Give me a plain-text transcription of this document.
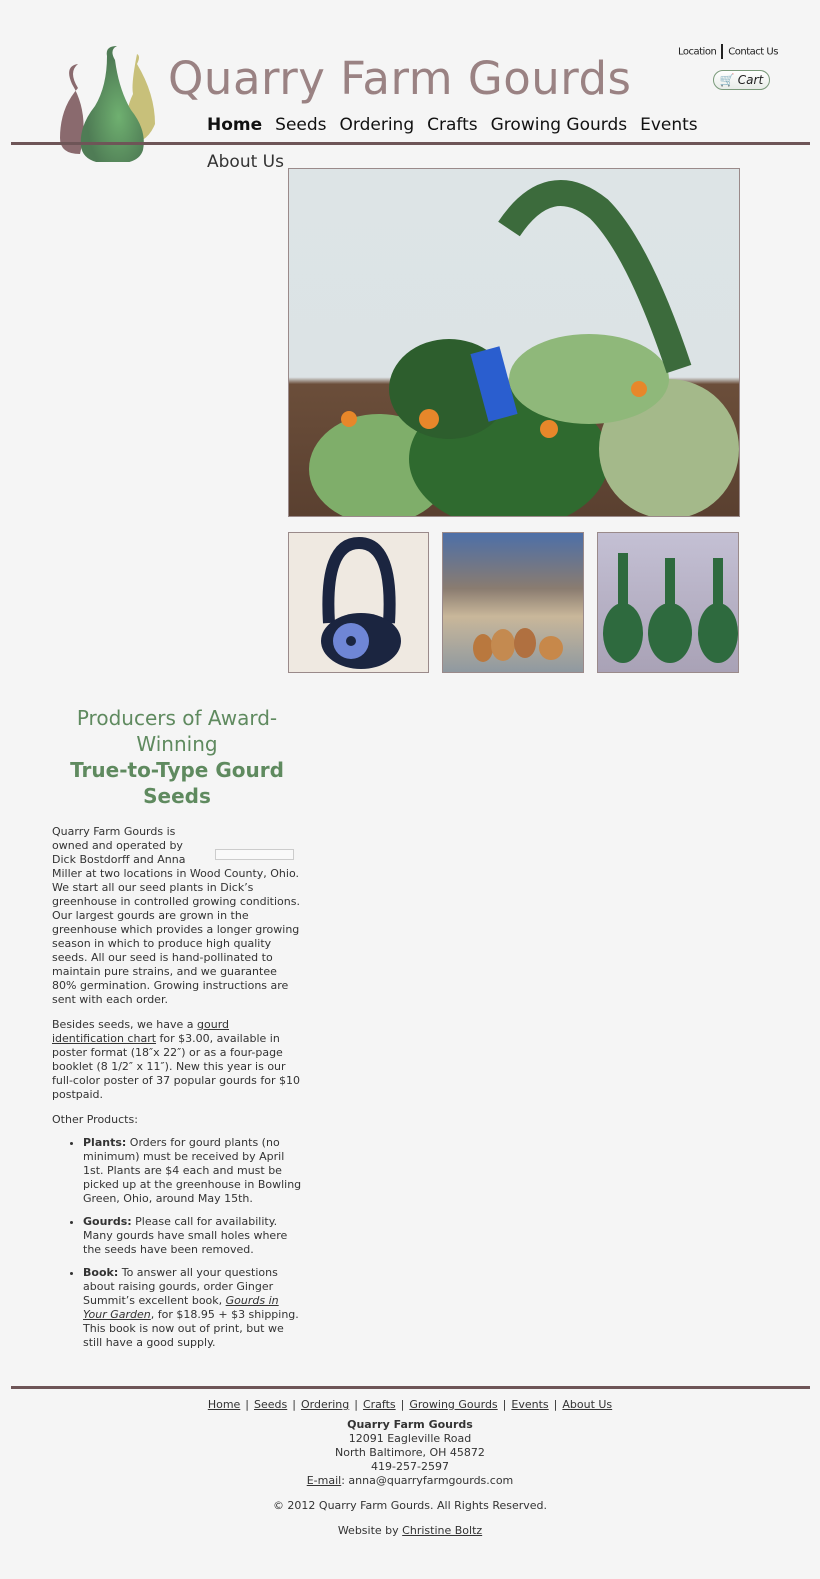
Quarry Farm Gourds	Location Contact Us
🛒 Cart
Home Seeds Ordering Crafts Growing Gourds Events
About Us
Producers of Award-Winning
True-to-Type Gourd Seeds

Quarry Farm Gourds is owned and operated by Dick Bostdorff and Anna Miller at two locations in Wood County, Ohio. We start all our seed plants in Dick’s greenhouse in controlled growing conditions. Our largest gourds are grown in the greenhouse which provides a longer growing season in which to produce high quality seeds. All our seed is hand-pollinated to maintain pure strains, and we guarantee 80% germination. Growing instructions are sent with each order.

Besides seeds, we have a gourd identification chart for $3.00, available in poster format (18″x 22″) or as a four-page booklet (8 1/2″ x 11″). New this year is our full-color poster of 37 popular gourds for $10 postpaid.

Other Products:

• Plants: Orders for gourd plants (no minimum) must be received by April 1st. Plants are $4 each and must be picked up at the greenhouse in Bowling Green, Ohio, around May 15th.
• Gourds: Please call for availability. Many gourds have small holes where the seeds have been removed.
• Book: To answer all your questions about raising gourds, order Ginger Summit’s excellent book, Gourds in Your Garden, for $18.95 + $3 shipping. This book is now out of print, but we still have a good supply.
Home | Seeds | Ordering | Crafts | Growing Gourds | Events | About Us
Quarry Farm Gourds
12091 Eagleville Road
North Baltimore, OH 45872
419-257-2597
E-mail: anna@quarryfarmgourds.com
© 2012 Quarry Farm Gourds. All Rights Reserved.
Website by Christine Boltz
